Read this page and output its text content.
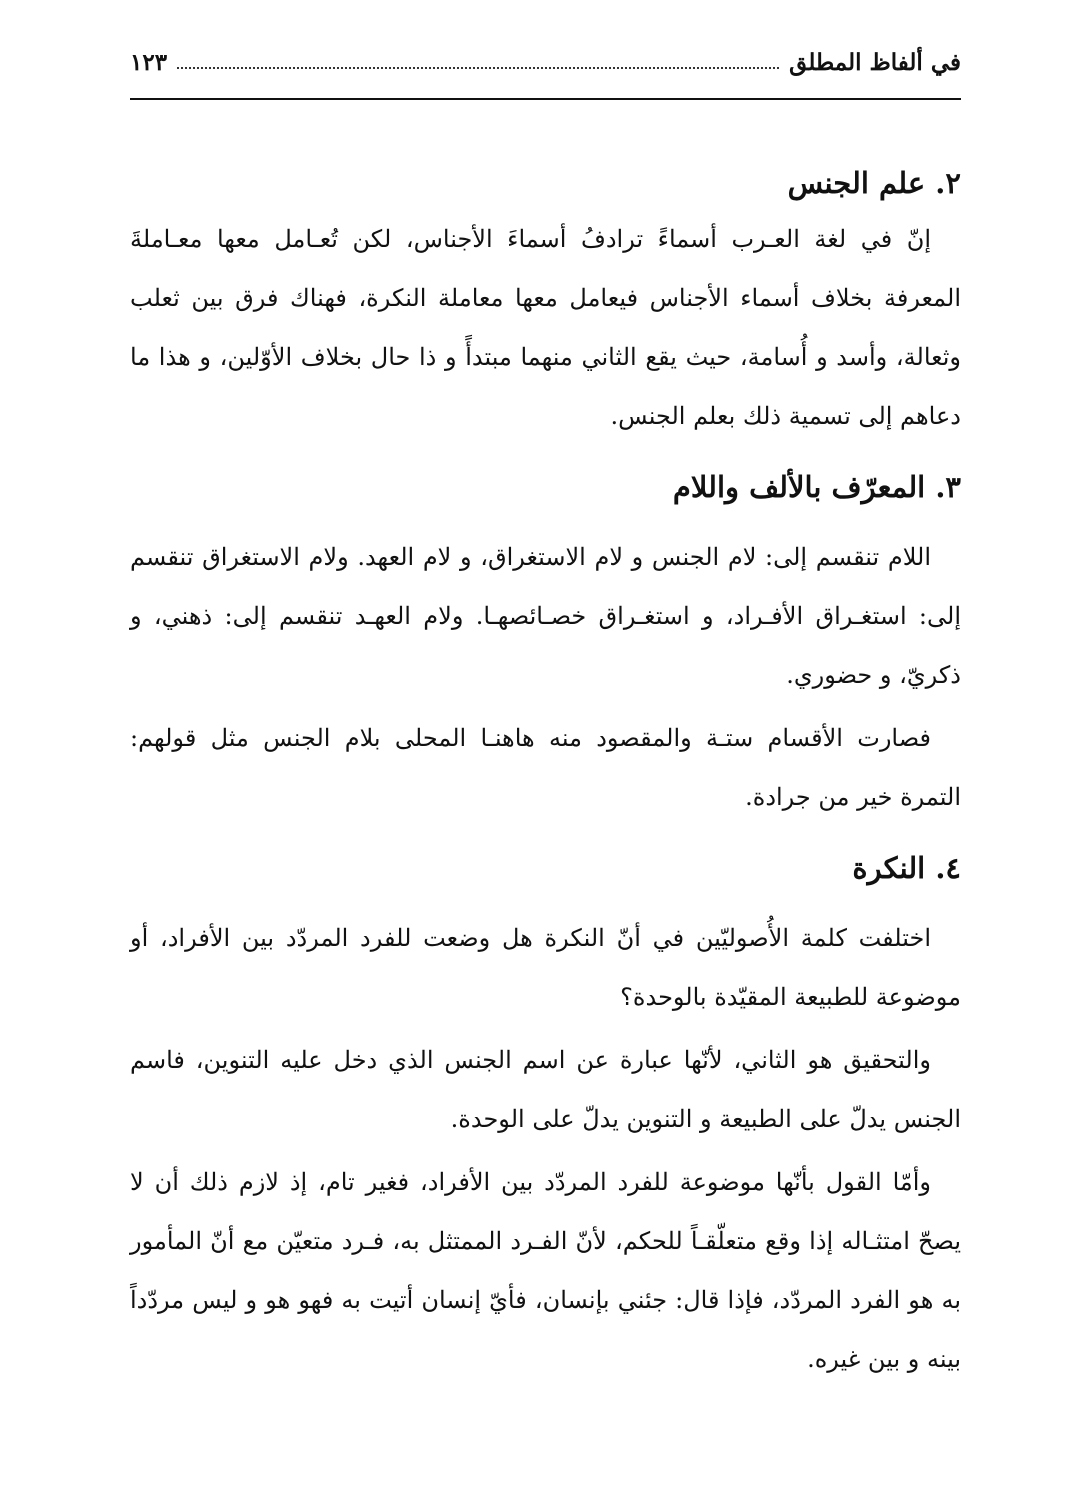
في ألفاظ المطلق
١٢٣
٢. علم الجنس

إنّ في لغة العـرب أسماءً ترادفُ أسماءَ الأجناس، لكن تُعـامل معها معـاملةَ المعرفة بخلاف أسماء الأجناس فيعامل معها معاملة النكرة، فهناك فرق بين ثعلب وثعالة، وأسد و أُسامة، حيث يقع الثاني منهما مبتدأً و ذا حال بخلاف الأوّلين، و هذا ما دعاهم إلى تسمية ذلك بعلم الجنس.

٣. المعرّف بالألف واللام

اللام تنقسم إلى: لام الجنس و لام الاستغراق، و لام العهد. ولام الاستغراق تنقسم إلى: استغـراق الأفـراد، و استغـراق خصـائصهـا. ولام العهـد تنقسم إلى: ذهني، و ذكريّ، و حضوري.

فصارت الأقسام ستـة والمقصود منه هاهنـا المحلى بلام الجنس مثل قولهم: التمرة خير من جرادة.

٤. النكرة

اختلفت كلمة الأُصوليّين في أنّ النكرة هل وضعت للفرد المردّد بين الأفراد، أو موضوعة للطبيعة المقيّدة بالوحدة؟

والتحقيق هو الثاني، لأنّها عبارة عن اسم الجنس الذي دخل عليه التنوين، فاسم الجنس يدلّ على الطبيعة و التنوين يدلّ على الوحدة.

وأمّا القول بأنّها موضوعة للفرد المردّد بين الأفراد، فغير تام، إذ لازم ذلك أن لا يصحّ امتثـاله إذا وقع متعلّقـاً للحكم، لأنّ الفـرد الممتثل به، فـرد متعيّن مع أنّ المأمور به هو الفرد المردّد، فإذا قال: جئني بإنسان، فأيّ إنسان أتيت به فهو هو و ليس مردّداً بينه و بين غيره.
